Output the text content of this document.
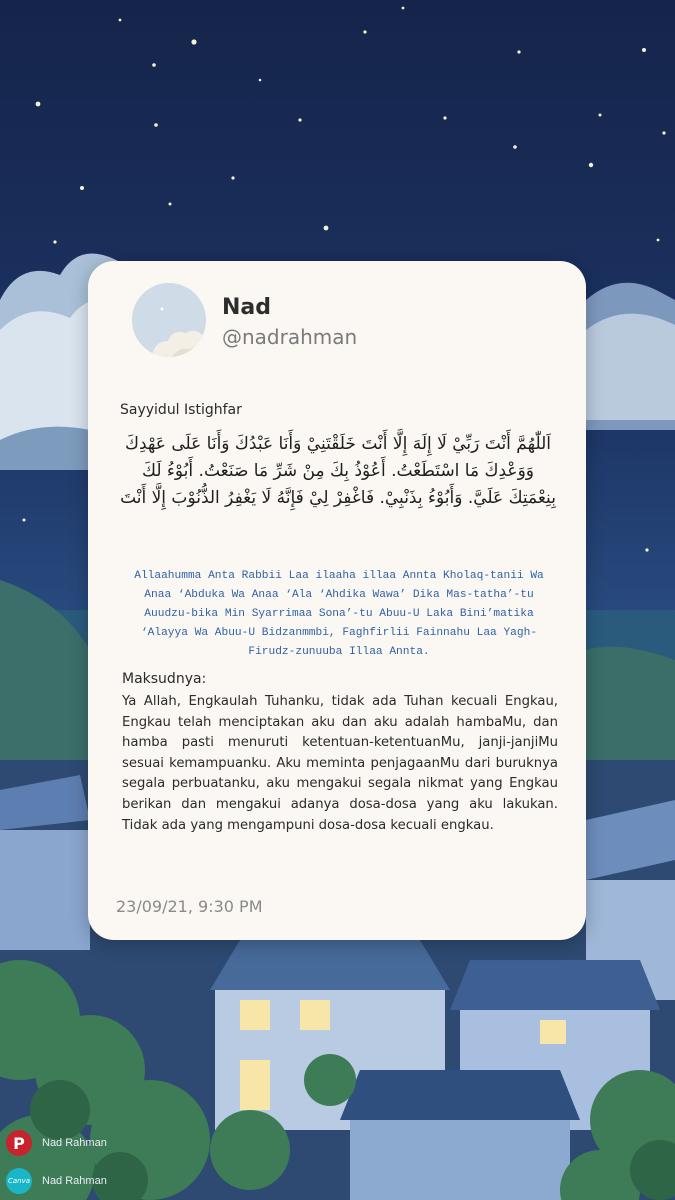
Nad
@nadrahman
Sayyidul Istighfar
اَللّٰهُمَّ أَنْتَ رَبِّيْ لَا إِلَهَ إِلَّا أَنْتَ خَلَقْتَنِيْ وَأَنَا عَبْدُكَ وَأَنَا عَلَى عَهْدِكَ وَوَعْدِكَ مَا اسْتَطَعْتُ. أَعُوْذُ بِكَ مِنْ شَرِّ مَا صَنَعْتُ. أَبُوْءُ لَكَ بِنِعْمَتِكَ عَلَيَّ. وَأَبُوْءُ بِذَنْبِيْ. فَاغْفِرْ لِيْ فَإِنَّهُ لَا يَغْفِرُ الذُّنُوْبَ إِلَّا أَنْتَ
Allaahumma Anta Rabbii Laa ilaaha illaa Annta Kholaq-tanii Wa Anaa ‘Abduka Wa Anaa ‘Ala ‘Ahdika Wawa’ Dika Mas-tatha’-tu Auudzu-bika Min Syarrimaa Sona’-tu Abuu-U Laka Bini’matika ‘Alayya Wa Abuu-U Bidzanmmbi, Faghfirlii Fainnahu Laa Yagh-Firudz-zunuuba Illaa Annta.
Maksudnya:
Ya Allah, Engkaulah Tuhanku, tidak ada Tuhan kecuali Engkau, Engkau telah menciptakan aku dan aku adalah hambaMu, dan hamba pasti menuruti ketentuan-ketentuanMu, janji-janjiMu sesuai kemampuanku. Aku meminta penjagaanMu dari buruknya segala perbuatanku, aku mengakui segala nikmat yang Engkau berikan dan mengakui adanya dosa-dosa yang aku lakukan. Tidak ada yang mengampuni dosa-dosa kecuali engkau.
23/09/21, 9:30 PM
P	Nad Rahman
Canva Nad Rahman
